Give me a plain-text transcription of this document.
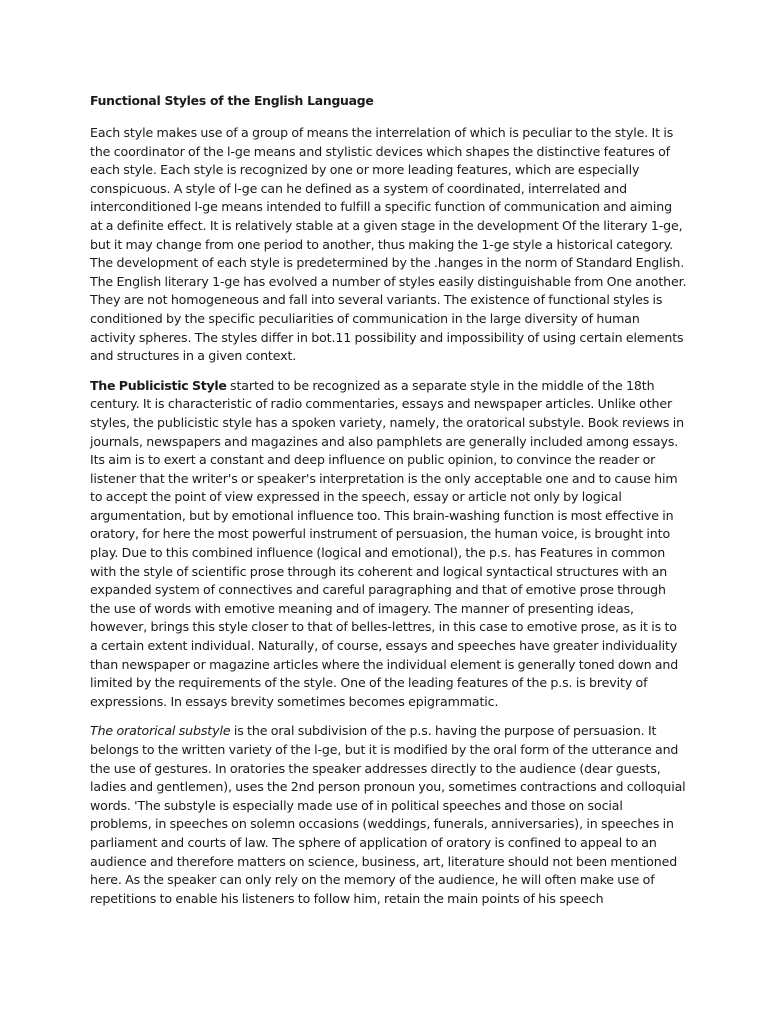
Functional Styles of the English Language

Each style makes use of a group of means the interrelation of which is peculiar to the style. It is the coordinator of the l-ge means and stylistic devices which shapes the distinctive features of each style. Each style is recognized by one or more leading features, which are especially conspicuous. A style of l-ge can he defined as a system of coordinated, interrelated and interconditioned l-ge means intended to fulfill a specific function of communication and aiming at a definite effect. It is relatively stable at a given stage in the development Of the literary 1-ge, but it may change from one period to another, thus making the 1-ge style a historical category. The development of each style is predetermined by the .hanges in the norm of Standard English. The English literary 1-ge has evolved a number of styles easily distinguishable from One another. They are not homogeneous and fall into several variants. The existence of functional styles is conditioned by the specific peculiarities of communication in the large diversity of human activity spheres. The styles differ in bot.11 possibility and impossibility of using certain elements and structures in a given context.

The Publicistic Style started to be recognized as a separate style in the middle of the 18th century. It is characteristic of radio commentaries, essays and newspaper articles. Unlike other styles, the publicistic style has a spoken variety, namely, the oratorical substyle. Book reviews in journals, newspapers and magazines and also pamphlets are generally included among essays. Its aim is to exert a constant and deep influence on public opinion, to convince the reader or listener that the writer's or speaker's interpretation is the only acceptable one and to cause him to accept the point of view expressed in the speech, essay or article not only by logical argumentation, but by emotional influence too. This brain-washing function is most effective in oratory, for here the most powerful instrument of persuasion, the human voice, is brought into play. Due to this combined influence (logical and emotional), the p.s. has Features in common with the style of scientific prose through its coherent and logical syntactical structures with an expanded system of connectives and careful paragraphing and that of emotive prose through the use of words with emotive meaning and of imagery. The manner of presenting ideas, however, brings this style closer to that of belles-lettres, in this case to emotive prose, as it is to a certain extent individual. Naturally, of course, essays and speeches have greater individuality than newspaper or magazine articles where the individual element is generally toned down and limited by the requirements of the style. One of the leading features of the p.s. is brevity of expressions. In essays brevity sometimes becomes epigrammatic.

The oratorical substyle is the oral subdivision of the p.s. having the purpose of persuasion. It belongs to the written variety of the l-ge, but it is modified by the oral form of the utterance and the use of gestures. In oratories the speaker addresses directly to the audience (dear guests, ladies and gentlemen), uses the 2nd person pronoun you, sometimes contractions and colloquial words. 'The substyle is especially made use of in political speeches and those on social problems, in speeches on solemn occasions (weddings, funerals, anniversaries), in speeches in parliament and courts of law. The sphere of application of oratory is confined to appeal to an audience and therefore matters on science, business, art, literature should not been mentioned here. As the speaker can only rely on the memory of the audience, he will often make use of repetitions to enable his listeners to follow him, retain the main points of his speech
